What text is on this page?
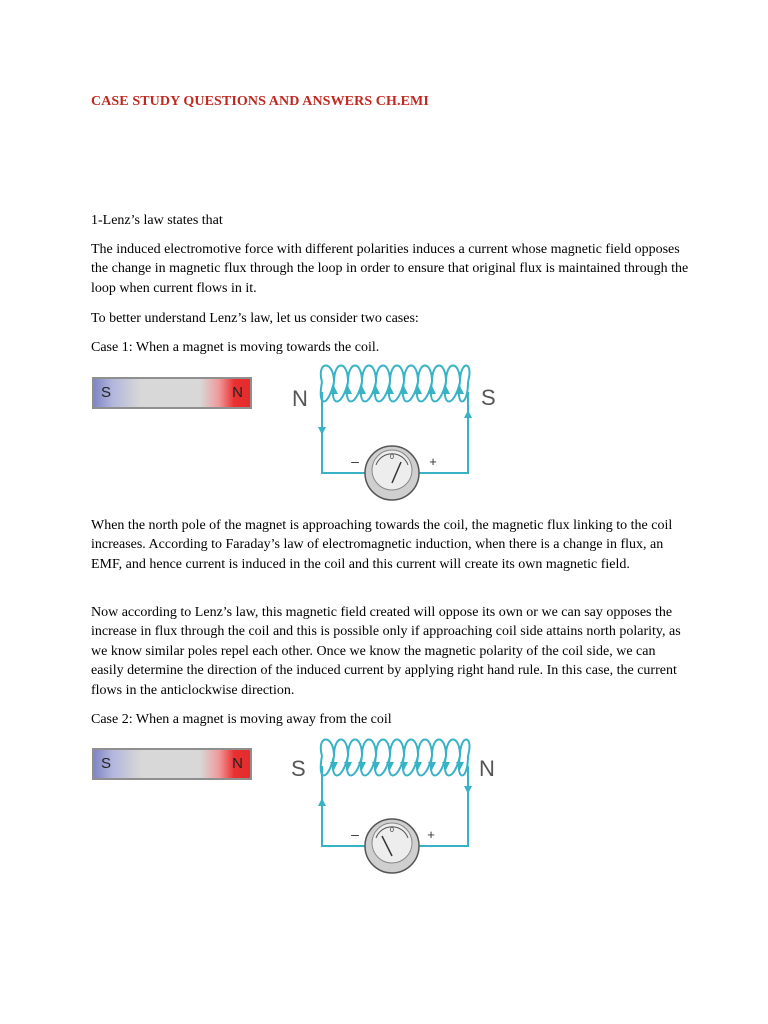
CASE STUDY QUESTIONS AND ANSWERS CH.EMI

1-Lenz’s law states that

The induced electromotive force with different polarities induces a current whose magnetic field opposes the change in magnetic flux through the loop in order to ensure that original flux is maintained through the loop when current flows in it.

To better understand Lenz’s law, let us consider two cases:

Case 1: When a magnet is moving towards the coil.

S	N
0
–	+
N	S

When the north pole of the magnet is approaching towards the coil, the magnetic flux linking to the coil increases. According to Faraday’s law of electromagnetic induction, when there is a change in flux, an EMF, and hence current is induced in the coil and this current will create its own magnetic field.

Now according to Lenz’s law, this magnetic field created will oppose its own or we can say opposes the increase in flux through the coil and this is possible only if approaching coil side attains north polarity, as we know similar poles repel each other. Once we know the magnetic polarity of the coil side, we can easily determine the direction of the induced current by applying right hand rule. In this case, the current flows in the anticlockwise direction.

Case 2: When a magnet is moving away from the coil

S	N
0
–	+
S	N
